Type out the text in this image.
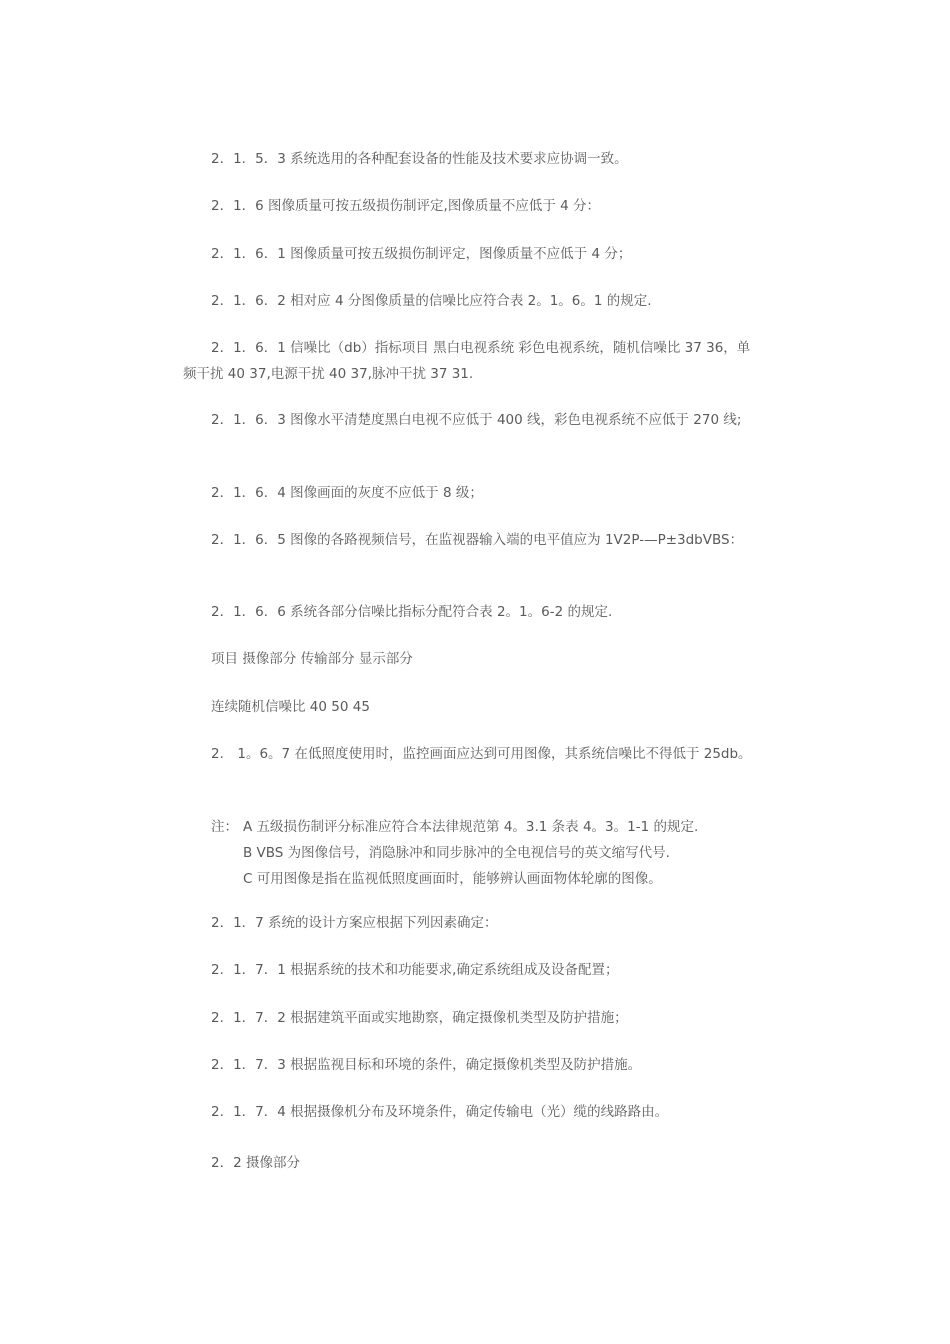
2．1．5．3 系统选用的各种配套设备的性能及技术要求应协调一致。
2．1．6 图像质量可按五级损伤制评定,图像质量不应低于 4 分：
2．1．6．1 图像质量可按五级损伤制评定，图像质量不应低于 4 分；
2．1．6．2 相对应 4 分图像质量的信噪比应符合表 2。1。6。1 的规定.
2．1．6．1 信噪比（db）指标项目 黑白电视系统 彩色电视系统，随机信噪比 37 36，单频干扰 40 37,电源干扰 40 37,脉冲干扰 37 31.
2．1．6．3 图像水平清楚度黑白电视不应低于 400 线，彩色电视系统不应低于 270 线;
2．1．6．4 图像画面的灰度不应低于 8 级；
2．1．6．5 图像的各路视频信号，在监视器输入端的电平值应为 1V2P-—P±3dbVBS：
2．1．6．6 系统各部分信噪比指标分配符合表 2。1。6-2 的规定.
项目 摄像部分 传输部分 显示部分
连续随机信噪比 40 50 45
2． 1。6。7 在低照度使用时，监控画面应达到可用图像，其系统信噪比不得低于 25db。
注： A 五级损伤制评分标准应符合本法律规范第 4。3.1 条表 4。3。1-1 的规定.
B VBS 为图像信号，消隐脉冲和同步脉冲的全电视信号的英文缩写代号.
C 可用图像是指在监视低照度画面时，能够辨认画面物体轮廓的图像。
2．1．7 系统的设计方案应根据下列因素确定：
2．1．7．1 根据系统的技术和功能要求,确定系统组成及设备配置；
2．1．7．2 根据建筑平面或实地勘察，确定摄像机类型及防护措施；
2．1．7．3 根据监视目标和环境的条件，确定摄像机类型及防护措施。
2．1．7．4 根据摄像机分布及环境条件，确定传输电（光）缆的线路路由。
2．2 摄像部分
